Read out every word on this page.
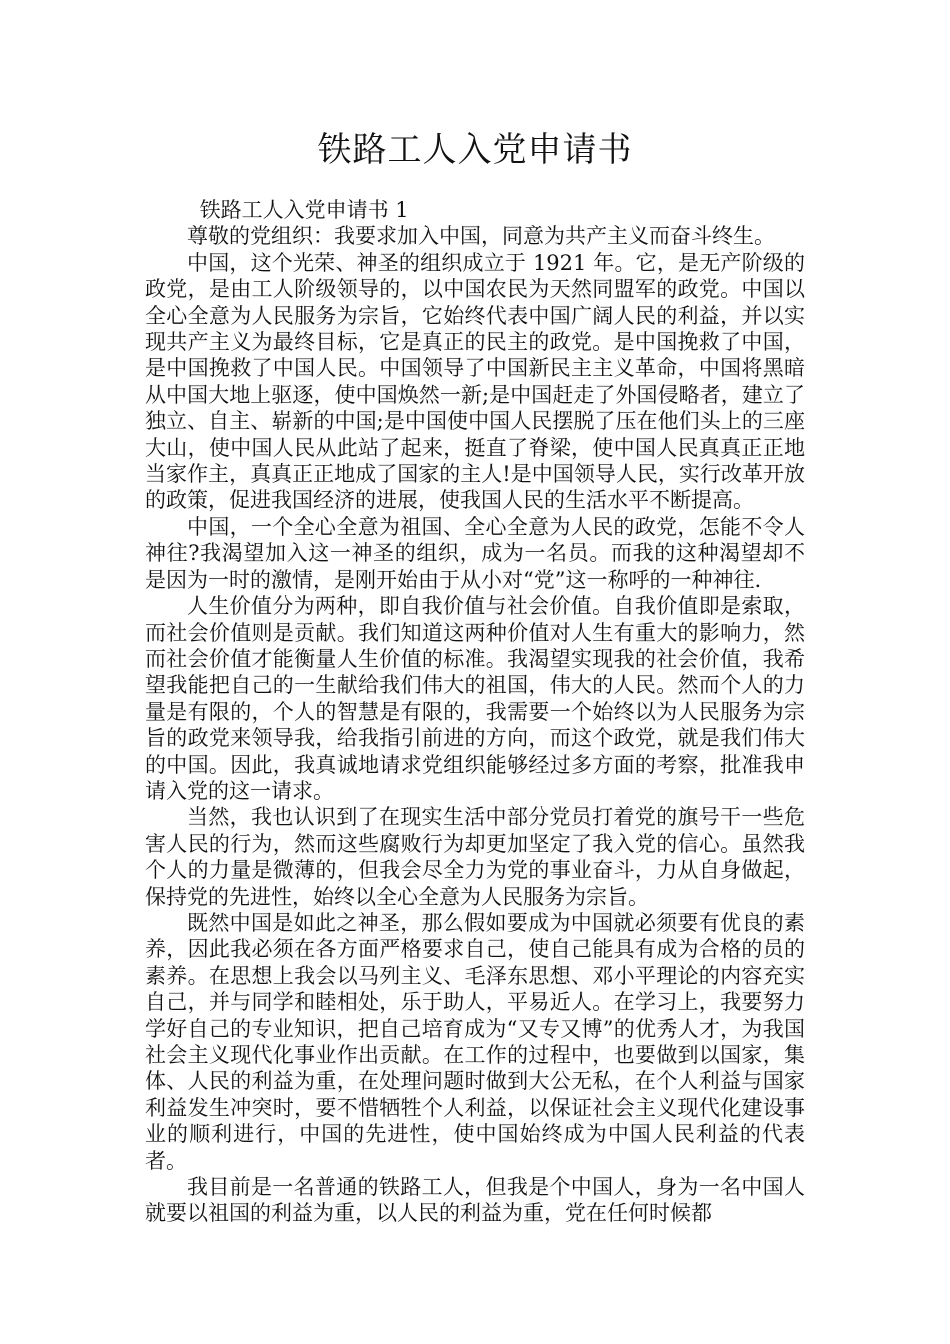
铁路工人入党申请书

铁路工人入党申请书 1

尊敬的党组织：我要求加入中国，同意为共产主义而奋斗终生。

中国，这个光荣、神圣的组织成立于 1921 年。它，是无产阶级的政党，是由工人阶级领导的，以中国农民为天然同盟军的政党。中国以全心全意为人民服务为宗旨，它始终代表中国广阔人民的利益，并以实现共产主义为最终目标，它是真正的民主的政党。是中国挽救了中国，是中国挽救了中国人民。中国领导了中国新民主主义革命，中国将黑暗从中国大地上驱逐，使中国焕然一新;是中国赶走了外国侵略者，建立了独立、自主、崭新的中国;是中国使中国人民摆脱了压在他们头上的三座大山，使中国人民从此站了起来，挺直了脊梁，使中国人民真真正正地当家作主，真真正正地成了国家的主人!是中国领导人民，实行改革开放的政策，促进我国经济的进展，使我国人民的生活水平不断提高。

中国，一个全心全意为祖国、全心全意为人民的政党，怎能不令人神往?我渴望加入这一神圣的组织，成为一名员。而我的这种渴望却不是因为一时的激情，是刚开始由于从小对“党”这一称呼的一种神往.

人生价值分为两种，即自我价值与社会价值。自我价值即是索取，而社会价值则是贡献。我们知道这两种价值对人生有重大的影响力，然而社会价值才能衡量人生价值的标准。我渴望实现我的社会价值，我希望我能把自己的一生献给我们伟大的祖国，伟大的人民。然而个人的力量是有限的，个人的智慧是有限的，我需要一个始终以为人民服务为宗旨的政党来领导我，给我指引前进的方向，而这个政党，就是我们伟大的中国。因此，我真诚地请求党组织能够经过多方面的考察，批准我申请入党的这一请求。

当然，我也认识到了在现实生活中部分党员打着党的旗号干一些危害人民的行为，然而这些腐败行为却更加坚定了我入党的信心。虽然我个人的力量是微薄的，但我会尽全力为党的事业奋斗，力从自身做起，保持党的先进性，始终以全心全意为人民服务为宗旨。

既然中国是如此之神圣，那么假如要成为中国就必须要有优良的素养，因此我必须在各方面严格要求自己，使自己能具有成为合格的员的素养。在思想上我会以马列主义、毛泽东思想、邓小平理论的内容充实自己，并与同学和睦相处，乐于助人，平易近人。在学习上，我要努力学好自己的专业知识，把自己培育成为“又专又博”的优秀人才，为我国社会主义现代化事业作出贡献。在工作的过程中，也要做到以国家，集体、人民的利益为重，在处理问题时做到大公无私，在个人利益与国家利益发生冲突时，要不惜牺牲个人利益，以保证社会主义现代化建设事业的顺利进行，中国的先进性，使中国始终成为中国人民利益的代表者。

我目前是一名普通的铁路工人，但我是个中国人，身为一名中国人就要以祖国的利益为重，以人民的利益为重，党在任何时候都
